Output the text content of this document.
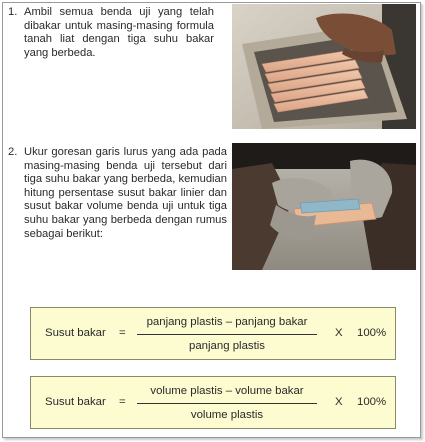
1. Ambil semua benda uji yang telah dibakar untuk masing-masing formula tanah liat dengan tiga suhu bakar yang berbeda.
2. Ukur goresan garis lurus yang ada pada masing-masing benda uji tersebut dari tiga suhu bakar yang berbeda, kemudian hitung persentase susut bakar linier dan susut bakar volume benda uji untuk tiga suhu bakar yang berbeda dengan rumus sebagai berikut:
Susut bakar =
panjang plastis – panjang bakar
panjang plastis
X 100%
Susut bakar =
volume plastis – volume bakar
volume plastis
X 100%
